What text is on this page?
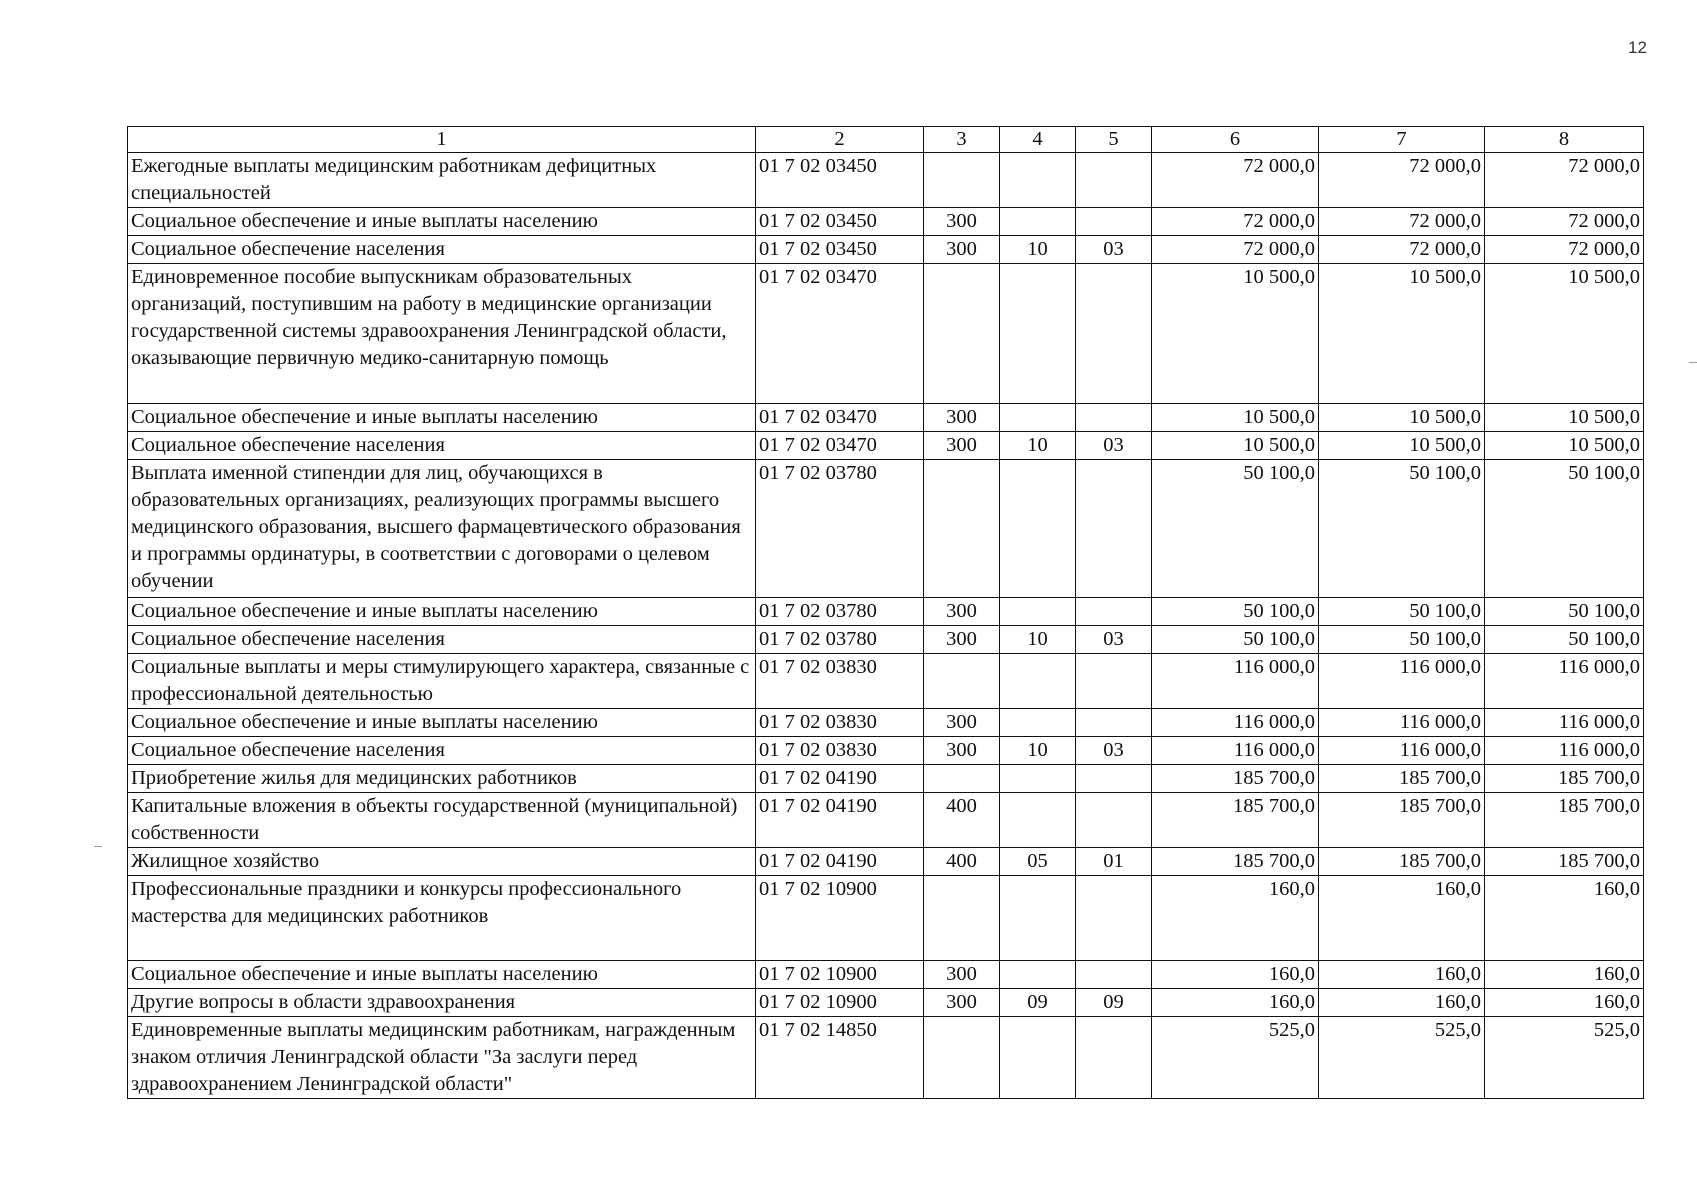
12
1	2	3	4	5	6	7	8
Ежегодные выплаты медицинским работникам дефицитных специальностей	01 7 02 03450				72 000,0	72 000,0	72 000,0
Социальное обеспечение и иные выплаты населению	01 7 02 03450	300			72 000,0	72 000,0	72 000,0
Социальное обеспечение населения	01 7 02 03450	300	10	03	72 000,0	72 000,0	72 000,0
Единовременное пособие выпускникам образовательных организаций, поступившим на работу в медицинские организации государственной системы здравоохранения Ленинградской области, оказывающие первичную медико-санитарную помощь	01 7 02 03470				10 500,0	10 500,0	10 500,0
Социальное обеспечение и иные выплаты населению	01 7 02 03470	300			10 500,0	10 500,0	10 500,0
Социальное обеспечение населения	01 7 02 03470	300	10	03	10 500,0	10 500,0	10 500,0
Выплата именной стипендии для лиц, обучающихся в образовательных организациях, реализующих программы высшего медицинского образования, высшего фармацевтического образования и программы ординатуры, в соответствии с договорами о целевом обучении	01 7 02 03780				50 100,0	50 100,0	50 100,0
Социальное обеспечение и иные выплаты населению	01 7 02 03780	300			50 100,0	50 100,0	50 100,0
Социальное обеспечение населения	01 7 02 03780	300	10	03	50 100,0	50 100,0	50 100,0
Социальные выплаты и меры стимулирующего характера, связанные с профессиональной деятельностью	01 7 02 03830				116 000,0	116 000,0	116 000,0
Социальное обеспечение и иные выплаты населению	01 7 02 03830	300			116 000,0	116 000,0	116 000,0
Социальное обеспечение населения	01 7 02 03830	300	10	03	116 000,0	116 000,0	116 000,0
Приобретение жилья для медицинских работников	01 7 02 04190				185 700,0	185 700,0	185 700,0
Капитальные вложения в объекты государственной (муниципальной) собственности	01 7 02 04190	400			185 700,0	185 700,0	185 700,0
Жилищное хозяйство	01 7 02 04190	400	05	01	185 700,0	185 700,0	185 700,0
Профессиональные праздники и конкурсы профессионального мастерства для медицинских работников	01 7 02 10900				160,0	160,0	160,0
Социальное обеспечение и иные выплаты населению	01 7 02 10900	300			160,0	160,0	160,0
Другие вопросы в области здравоохранения	01 7 02 10900	300	09	09	160,0	160,0	160,0
Единовременные выплаты медицинским работникам, награжденным знаком отличия Ленинградской области "За заслуги перед здравоохранением Ленинградской области"	01 7 02 14850				525,0	525,0	525,0
